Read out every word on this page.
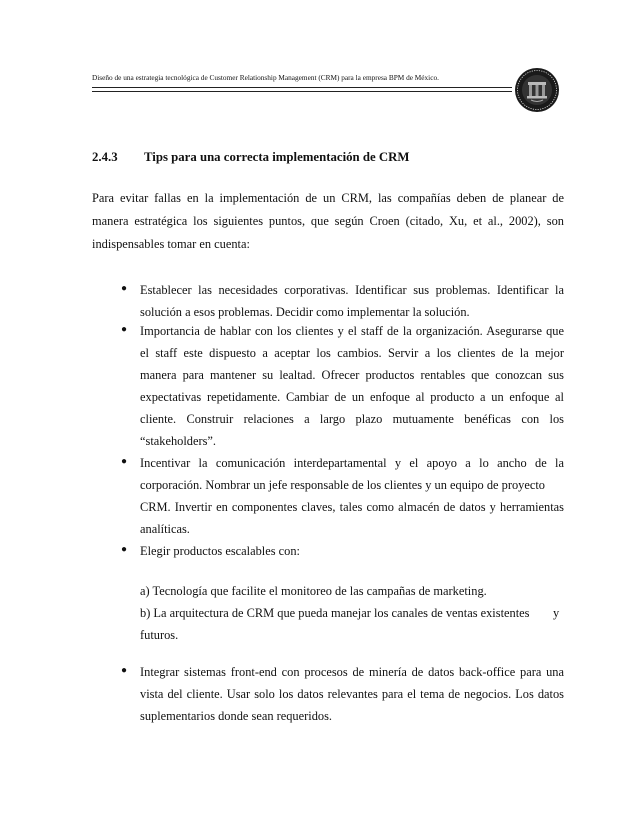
Diseño de una estrategia tecnológica de Customer Relationship Management (CRM) para la empresa BPM de México.
2.4.3 Tips para una correcta implementación de CRM

Para evitar fallas en la implementación de un CRM, las compañías deben de planear de
manera estratégica los siguientes puntos, que según Croen (citado, Xu, et al., 2002), son
indispensables tomar en cuenta:

● Establecer las necesidades corporativas. Identificar sus problemas. Identificar la
solución a esos problemas. Decidir como implementar la solución.
● Importancia de hablar con los clientes y el staff de la organización. Asegurarse que
el staff este dispuesto a aceptar los cambios. Servir a los clientes de la mejor
manera para mantener su lealtad. Ofrecer productos rentables que conozcan sus
expectativas repetidamente. Cambiar de un enfoque al producto a un enfoque al
cliente. Construir relaciones a largo plazo mutuamente benéficas con los
“stakeholders”.
● Incentivar la comunicación interdepartamental y el apoyo a lo ancho de la
corporación. Nombrar un jefe responsable de los clientes y un equipo de proyecto
CRM. Invertir en componentes claves, tales como almacén de datos y herramientas
analíticas.
● Elegir productos escalables con:
a) Tecnología que facilite el monitoreo de las campañas de marketing.
b) La arquitectura de CRM que pueda manejar los canales de ventas existentes y
futuros.
● Integrar sistemas front-end con procesos de minería de datos back-office para una
vista del cliente. Usar solo los datos relevantes para el tema de negocios. Los datos
suplementarios donde sean requeridos.
